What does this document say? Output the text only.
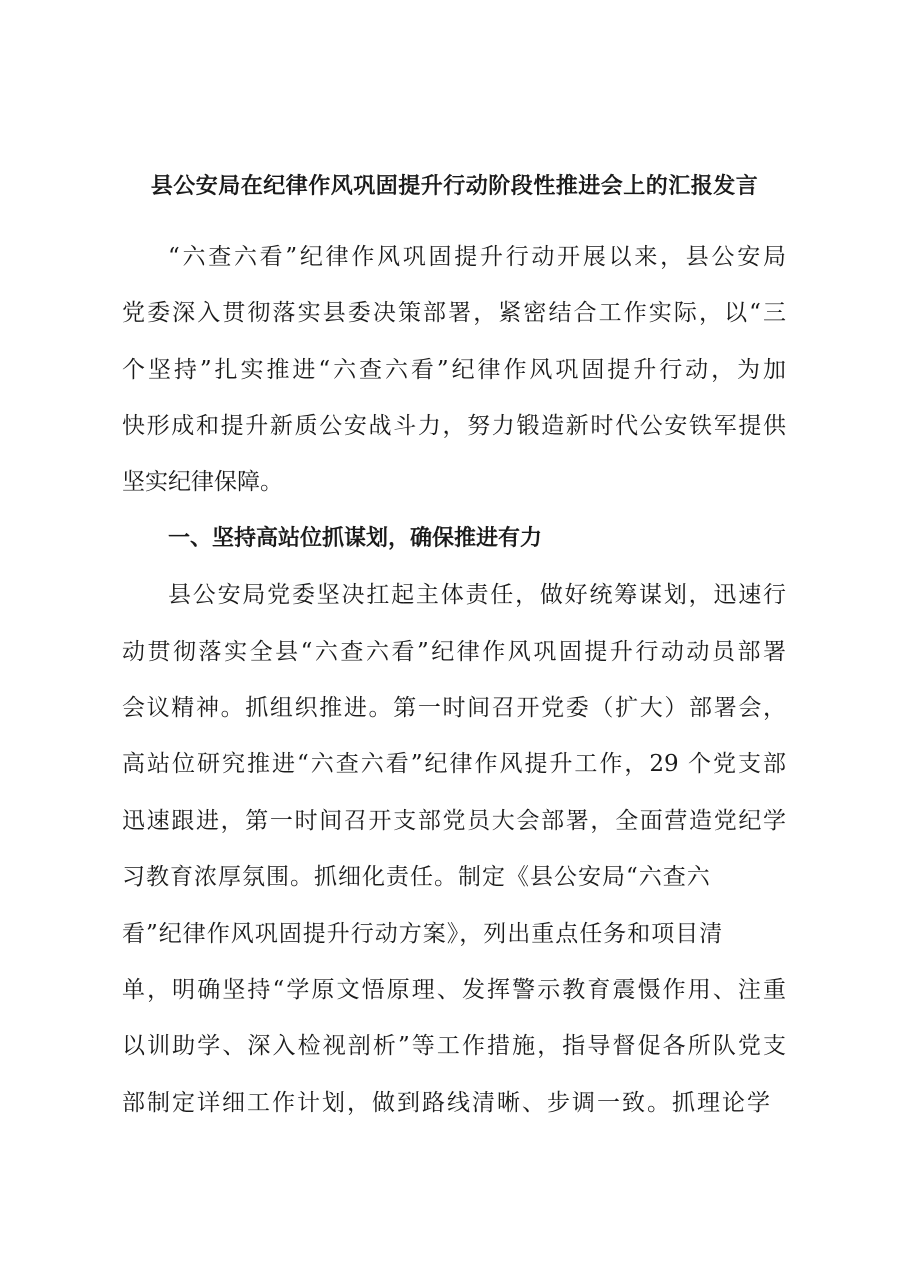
县公安局在纪律作风巩固提升行动阶段性推进会上的汇报发言
“六查六看”纪律作风巩固提升行动开展以来，县公安局
党委深入贯彻落实县委决策部署，紧密结合工作实际，以“三
个坚持”扎实推进“六查六看”纪律作风巩固提升行动，为加
快形成和提升新质公安战斗力，努力锻造新时代公安铁军提供
坚实纪律保障。
一、坚持高站位抓谋划，确保推进有力
县公安局党委坚决扛起主体责任，做好统筹谋划，迅速行
动贯彻落实全县“六查六看”纪律作风巩固提升行动动员部署
会议精神。抓组织推进。第一时间召开党委（扩大）部署会，
高站位研究推进“六查六看”纪律作风提升工作，29 个党支部
迅速跟进，第一时间召开支部党员大会部署，全面营造党纪学
习教育浓厚氛围。抓细化责任。制定《县公安局“六查六
看”纪律作风巩固提升行动方案》，列出重点任务和项目清
单，明确坚持“学原文悟原理、发挥警示教育震慑作用、注重
以训助学、深入检视剖析”等工作措施，指导督促各所队党支
部制定详细工作计划，做到路线清晰、步调一致。抓理论学
